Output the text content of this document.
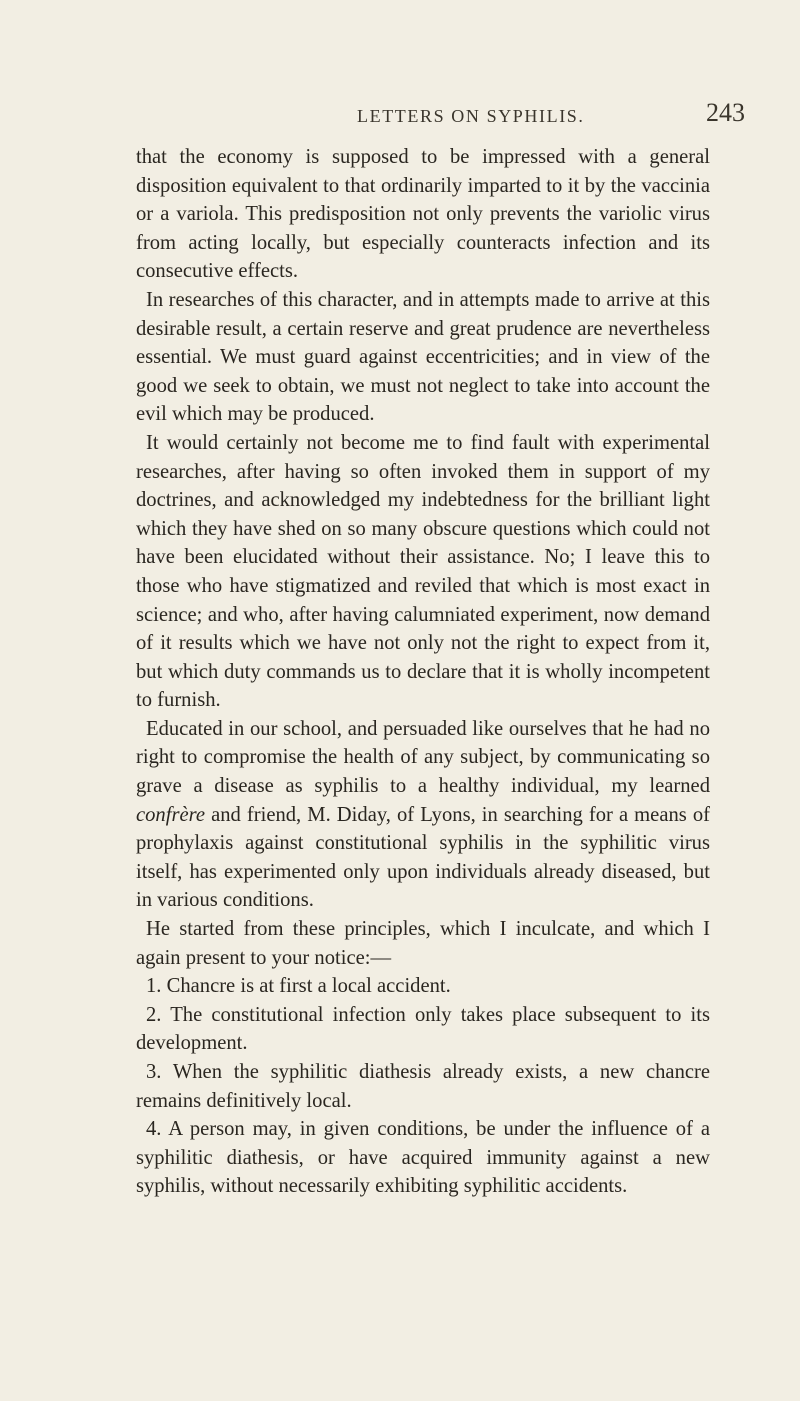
LETTERS ON SYPHILIS.	243

that the economy is supposed to be impressed with a general disposition equivalent to that ordinarily imparted to it by the vaccinia or a variola. This predisposition not only prevents the variolic virus from acting locally, but especially counteracts infection and its consecutive effects.

In researches of this character, and in attempts made to arrive at this desirable result, a certain reserve and great prudence are nevertheless essential. We must guard against eccentricities; and in view of the good we seek to obtain, we must not neglect to take into account the evil which may be produced.

It would certainly not become me to find fault with experimental researches, after having so often invoked them in support of my doctrines, and acknowledged my indebtedness for the brilliant light which they have shed on so many obscure questions which could not have been elucidated without their assistance. No; I leave this to those who have stigmatized and reviled that which is most exact in science; and who, after having calumniated experiment, now demand of it results which we have not only not the right to expect from it, but which duty commands us to declare that it is wholly incompetent to furnish.

Educated in our school, and persuaded like ourselves that he had no right to compromise the health of any subject, by communicating so grave a disease as syphilis to a healthy individual, my learned confrère and friend, M. Diday, of Lyons, in searching for a means of prophylaxis against constitutional syphilis in the syphilitic virus itself, has experimented only upon individuals already diseased, but in various conditions.

He started from these principles, which I inculcate, and which I again present to your notice:—

1. Chancre is at first a local accident.

2. The constitutional infection only takes place subsequent to its development.

3. When the syphilitic diathesis already exists, a new chancre remains definitively local.

4. A person may, in given conditions, be under the influence of a syphilitic diathesis, or have acquired immunity against a new syphilis, without necessarily exhibiting syphilitic accidents.
